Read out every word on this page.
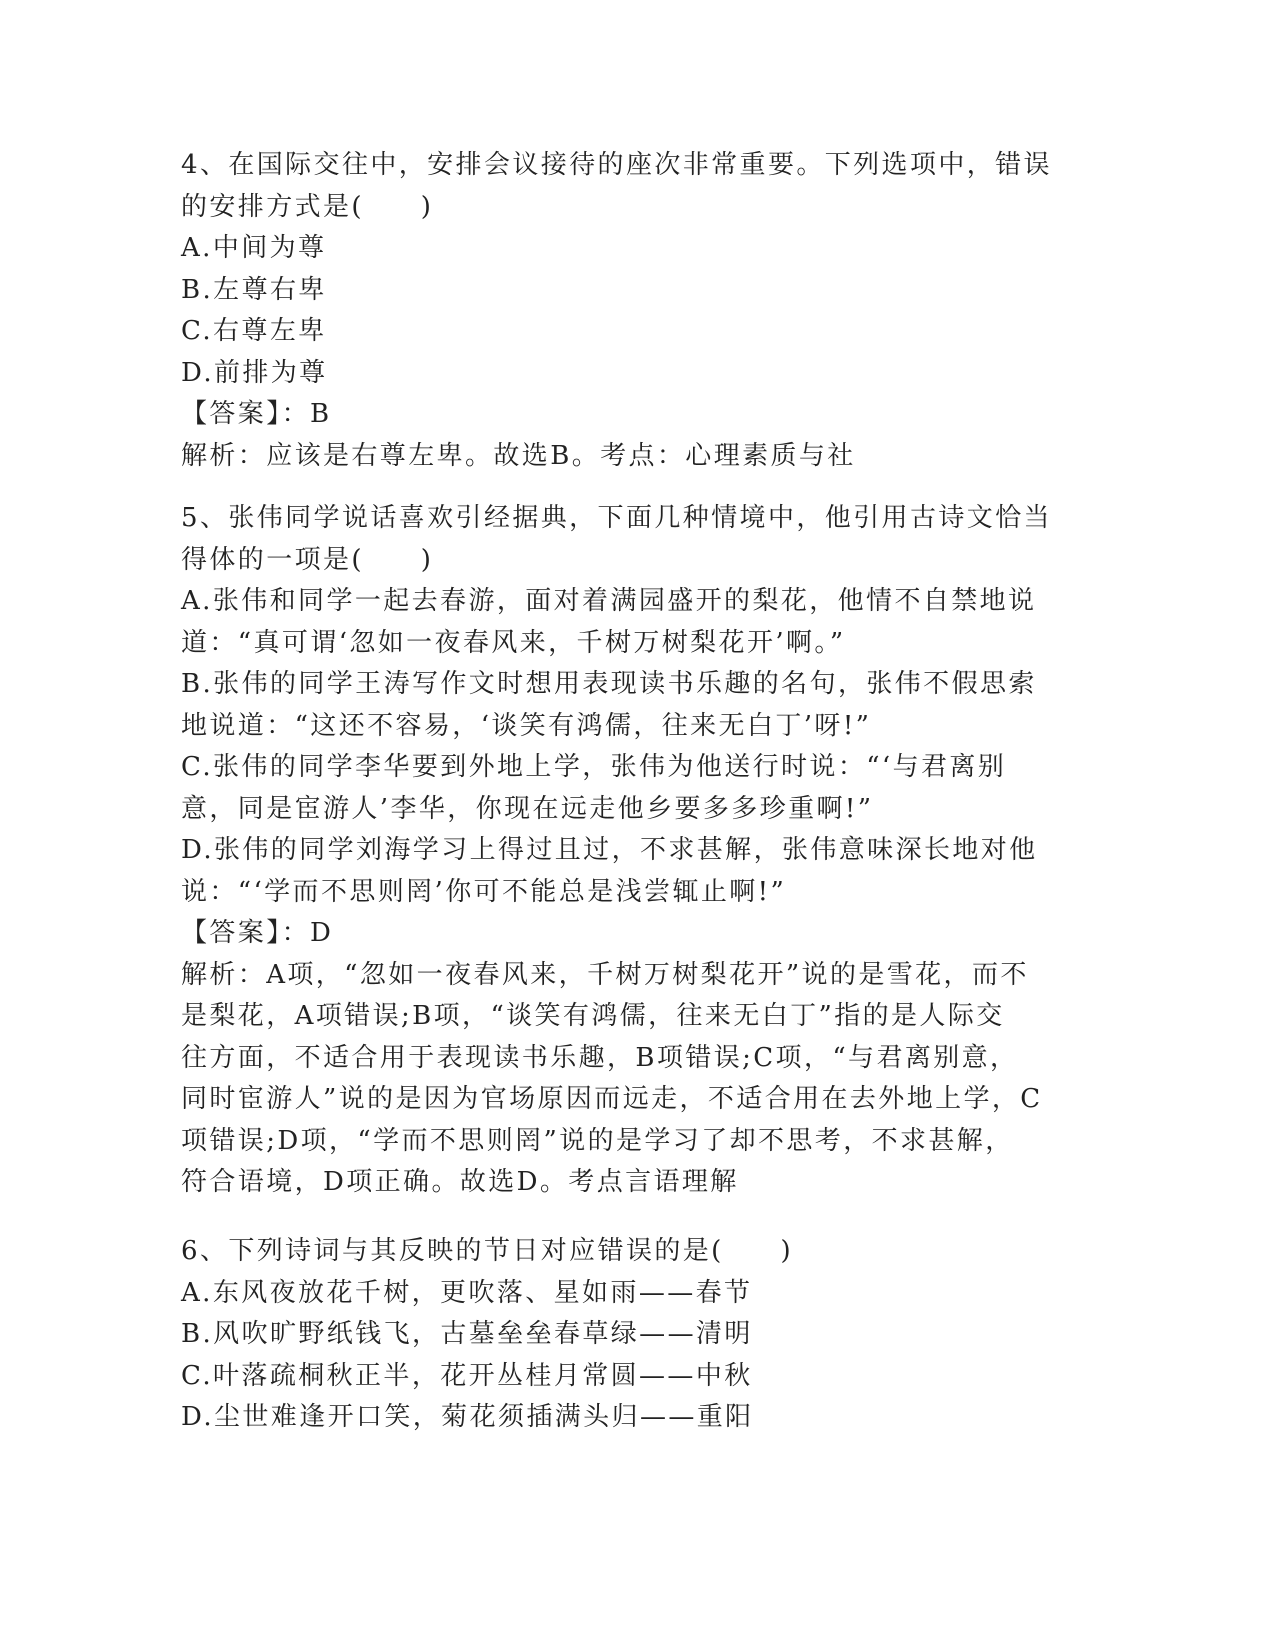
4、在国际交往中，安排会议接待的座次非常重要。下列选项中，错误
的安排方式是(　　)
A.中间为尊
B.左尊右卑
C.右尊左卑
D.前排为尊
【答案】：B
解析：应该是右尊左卑。故选B。考点：心理素质与社
5、张伟同学说话喜欢引经据典，下面几种情境中，他引用古诗文恰当
得体的一项是(　　)
A.张伟和同学一起去春游，面对着满园盛开的梨花，他情不自禁地说
道：“真可谓‘忽如一夜春风来，千树万树梨花开’啊。”
B.张伟的同学王涛写作文时想用表现读书乐趣的名句，张伟不假思索
地说道：“这还不容易，‘谈笑有鸿儒，往来无白丁’呀!”
C.张伟的同学李华要到外地上学，张伟为他送行时说：“‘与君离别
意，同是宦游人’李华，你现在远走他乡要多多珍重啊!”
D.张伟的同学刘海学习上得过且过，不求甚解，张伟意味深长地对他
说：“‘学而不思则罔’你可不能总是浅尝辄止啊!”
【答案】：D
解析：A项，“忽如一夜春风来，千树万树梨花开”说的是雪花，而不
是梨花，A项错误;B项，“谈笑有鸿儒，往来无白丁”指的是人际交
往方面，不适合用于表现读书乐趣，B项错误;C项，“与君离别意，
同时宦游人”说的是因为官场原因而远走，不适合用在去外地上学，C
项错误;D项，“学而不思则罔”说的是学习了却不思考，不求甚解，
符合语境，D项正确。故选D。考点言语理解
6、下列诗词与其反映的节日对应错误的是(　　)
A.东风夜放花千树，更吹落、星如雨——春节
B.风吹旷野纸钱飞，古墓垒垒春草绿——清明
C.叶落疏桐秋正半，花开丛桂月常圆——中秋
D.尘世难逢开口笑，菊花须插满头归——重阳
